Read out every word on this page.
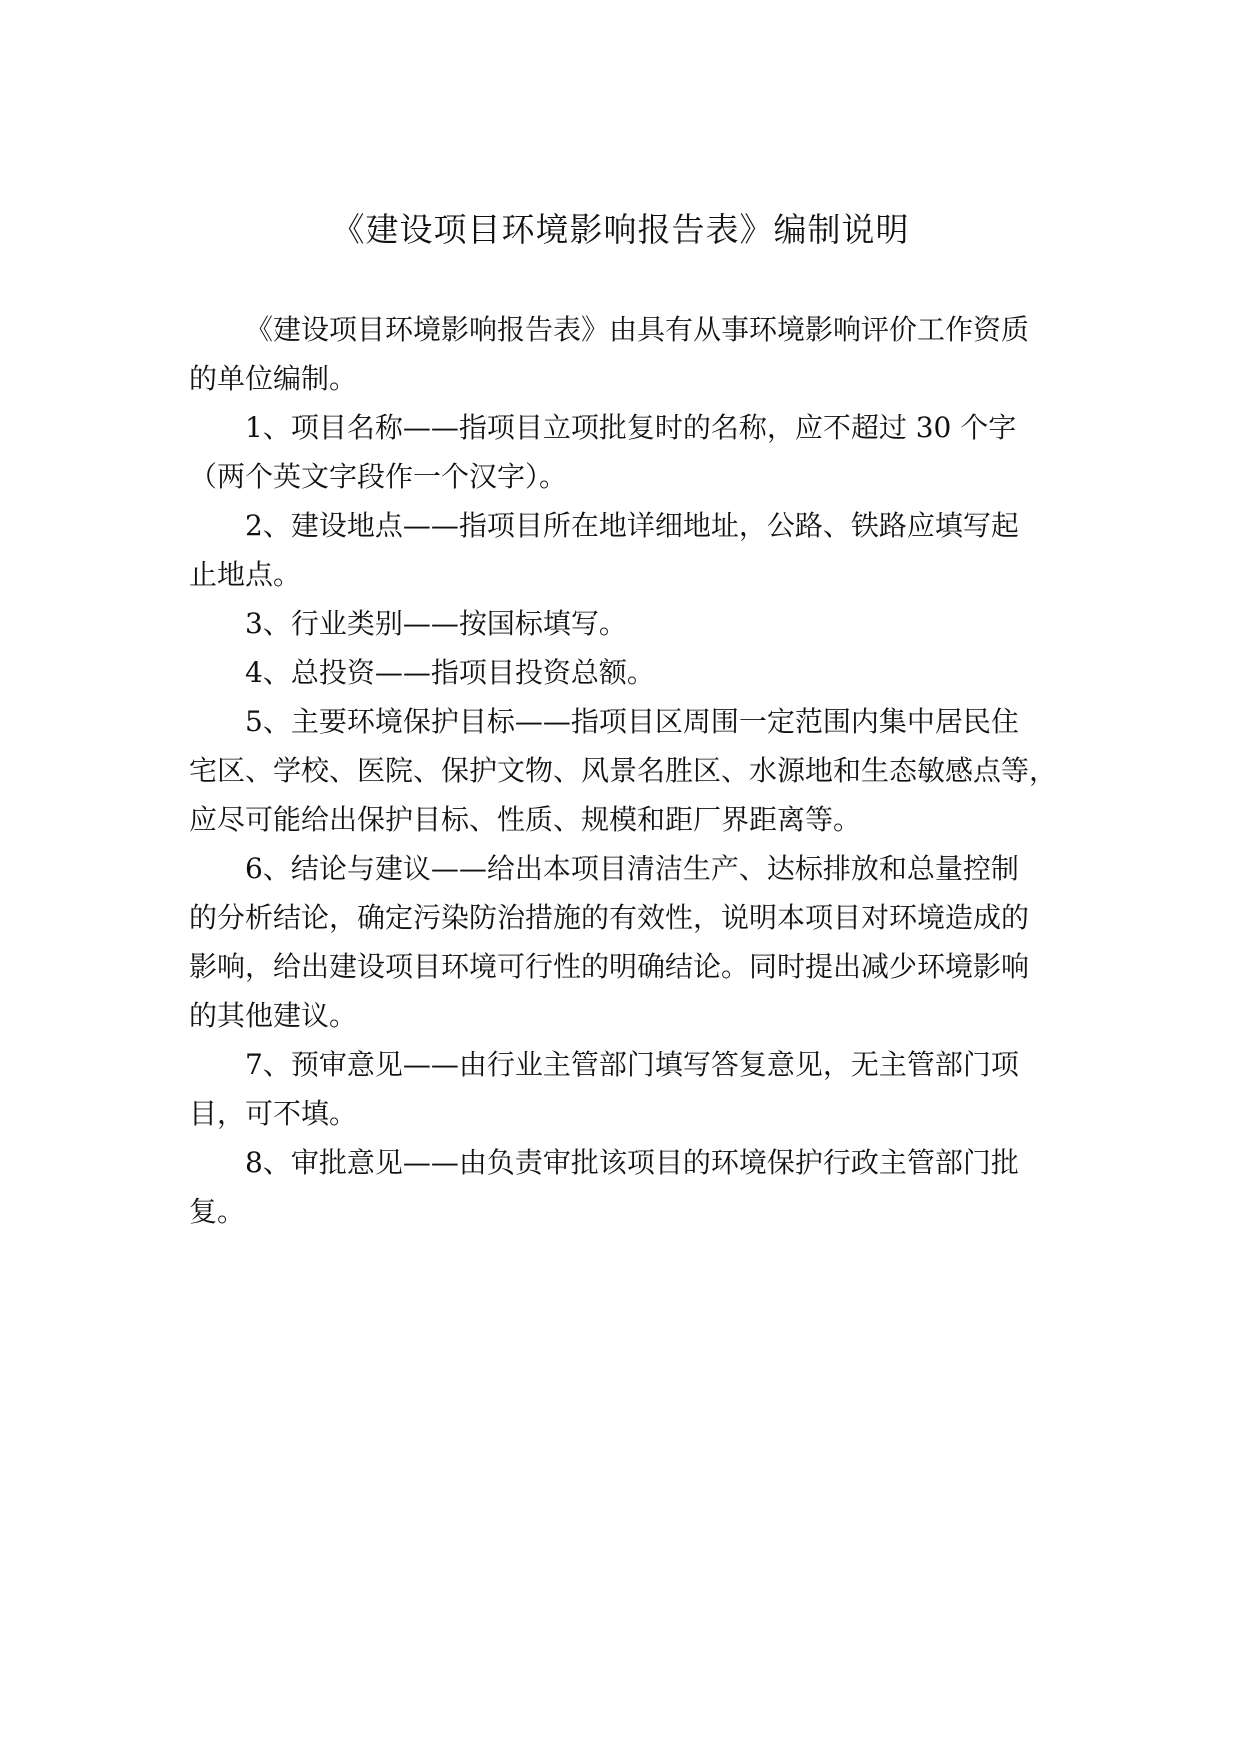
《建设项目环境影响报告表》编制说明

《建设项目环境影响报告表》由具有从事环境影响评价工作资质
的单位编制。

1、项目名称——指项目立项批复时的名称，应不超过 30 个字
（两个英文字段作一个汉字）。

2、建设地点——指项目所在地详细地址，公路、铁路应填写起
止地点。

3、行业类别——按国标填写。

4、总投资——指项目投资总额。

5、主要环境保护目标——指项目区周围一定范围内集中居民住
宅区、学校、医院、保护文物、风景名胜区、水源地和生态敏感点等，
应尽可能给出保护目标、性质、规模和距厂界距离等。

6、结论与建议——给出本项目清洁生产、达标排放和总量控制
的分析结论，确定污染防治措施的有效性，说明本项目对环境造成的
影响，给出建设项目环境可行性的明确结论。同时提出减少环境影响
的其他建议。

7、预审意见——由行业主管部门填写答复意见，无主管部门项
目，可不填。

8、审批意见——由负责审批该项目的环境保护行政主管部门批
复。
